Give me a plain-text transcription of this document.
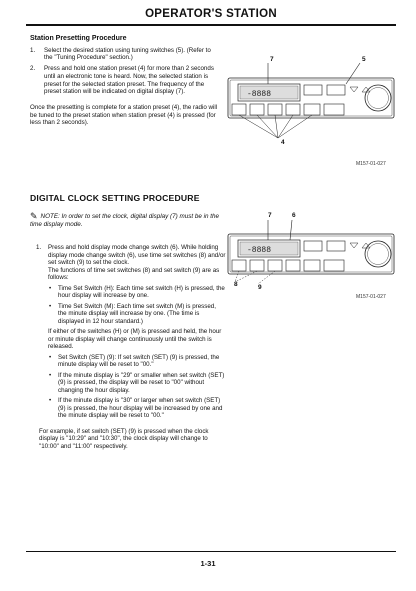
OPERATOR'S STATION
Station Presetting Procedure
1. Select the desired station using tuning switches (5). (Refer to the "Tuning Procedure" section.)
2. Press and hold one station preset (4) for more than 2 seconds until an electronic tone is heard. Now, the selected station is preset for the selected station preset. The frequency of the preset station will be indicated on digital display (7).
Once the presetting is complete for a station preset (4), the radio will be tuned to the preset station when station preset (4) is pressed (for less than 2 seconds).
-8888
7	5
4
M157-01-027
DIGITAL CLOCK SETTING PROCEDURE
✎ NOTE: In order to set the clock, digital display (7) must be in the time display mode.
1. Press and hold display mode change switch (6). While holding display mode change switch (6), use time set switches (8) and/or set switch (9) to set the clock.
The functions of time set switches (8) and set switch (9) are as follows:
• Time Set Switch (H): Each time set switch (H) is pressed, the hour display will increase by one.
• Time Set Switch (M): Each time set switch (M) is pressed, the minute display will increase by one. (The time is displayed in 12 hour standard.)
If either of the switches (H) or (M) is pressed and held, the hour or minute display will change continuously until the switch is released.
• Set Switch (SET) (9): If set switch (SET) (9) is pressed, the minute display will be reset to "00."
• If the minute display is "29" or smaller when set switch (SET) (9) is pressed, the display will be reset to "00" without changing the hour display.
• If the minute display is "30" or larger when set switch (SET) (9) is pressed, the hour display will be increased by one and the minute display will be reset to "00."
For example, if set switch (SET) (9) is pressed when the clock display is "10:29" and "10:30", the clock display will change to "10:00" and "11:00" respectively.
-8888
7	6
8	9
M157-01-027
1-31
